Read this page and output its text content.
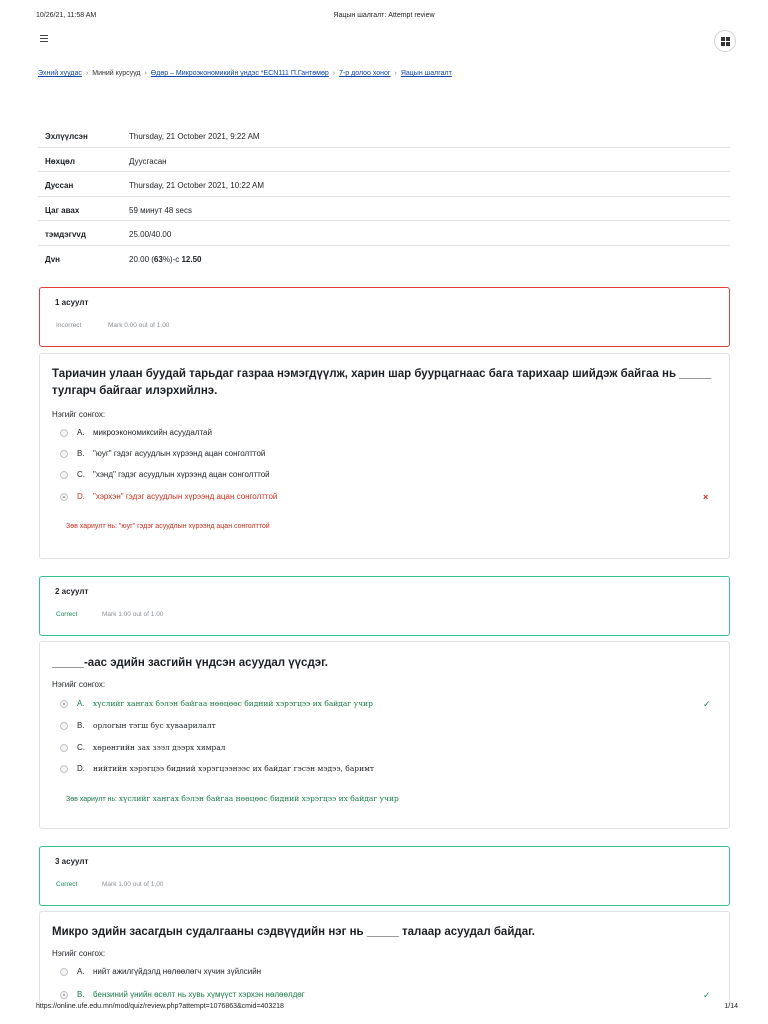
10/26/21, 11:58 AM	Яацын шалгалт: Attempt review
Эхний хуудас › Миний курсууд › Өдөр – Микроэкономикийн үндэс *ECN111 П.Гантөмөр › 7-р долоо хоног › Яацын шалгалт
Эхлүүлсэн	Thursday, 21 October 2021, 9:22 AM
Нөхцөл	Дуусгасан
Дуссан	Thursday, 21 October 2021, 10:22 AM
Цаг авах	59 минут 48 secs
тэмдэгvvд	25.00/40.00
Дvн	20.00 (63%)-с 12.50
1 асуулт
Incorrect	Mark 0.00 out of 1.00
Тариачин улаан буудай тарьдаг газраа нэмэгдүүлж, харин шар буурцагнаас бага тарихаар шийдэж байгаа нь _____ тулгарч байгааг илэрхийлнэ.
Нэгийг сонгох:
A. микроэкономиксийн асуудалтай
B. "юуг" гэдэг асуудлын хүрээнд ацан сонголттой
C. "хэнд" гэдэг асуудлын хүрээнд ацан сонголттой
D. "хэрхэн" гэдэг асуудлын хүрээнд ацан сонголттой	×
Зөв хариулт нь: "юуг" гэдэг асуудлын хүрээнд ацан сонголттой
2 асуулт
Correct	Mark 1.00 out of 1.00
_____-аас эдийн засгийн үндсэн асуудал үүсдэг.
Нэгийг сонгох:
A. хүслийг хангах бэлэн байгаа нөөцөөс бидний хэрэгцээ их байдаг учир	✓
B. орлогын тэгш бус хуваарилалт
C. хөрөнгийн зах зээл дээрх хямрал
D. нийтийн хэрэгцээ бидний хэрэгцээнээс их байдаг гэсэн мэдээ, баримт
Зөв хариулт нь: хүслийг хангах бэлэн байгаа нөөцөөс бидний хэрэгцээ их байдаг учир
3 асуулт
Correct	Mark 1.00 out of 1.00
Микро эдийн засагдын судалгааны сэдвүүдийн нэг нь _____ талаар асуудал байдаг.
Нэгийг сонгох:
A. нийт ажилгүйдэлд нөлөөлөгч хүчин зүйлсийн
B. бензиний үнийн өсөлт нь хувь хүмүүст хэрхэн нөлөөлдөг	✓
https://online.ufe.edu.mn/mod/quiz/review.php?attempt=1076863&cmid=403218	1/14
